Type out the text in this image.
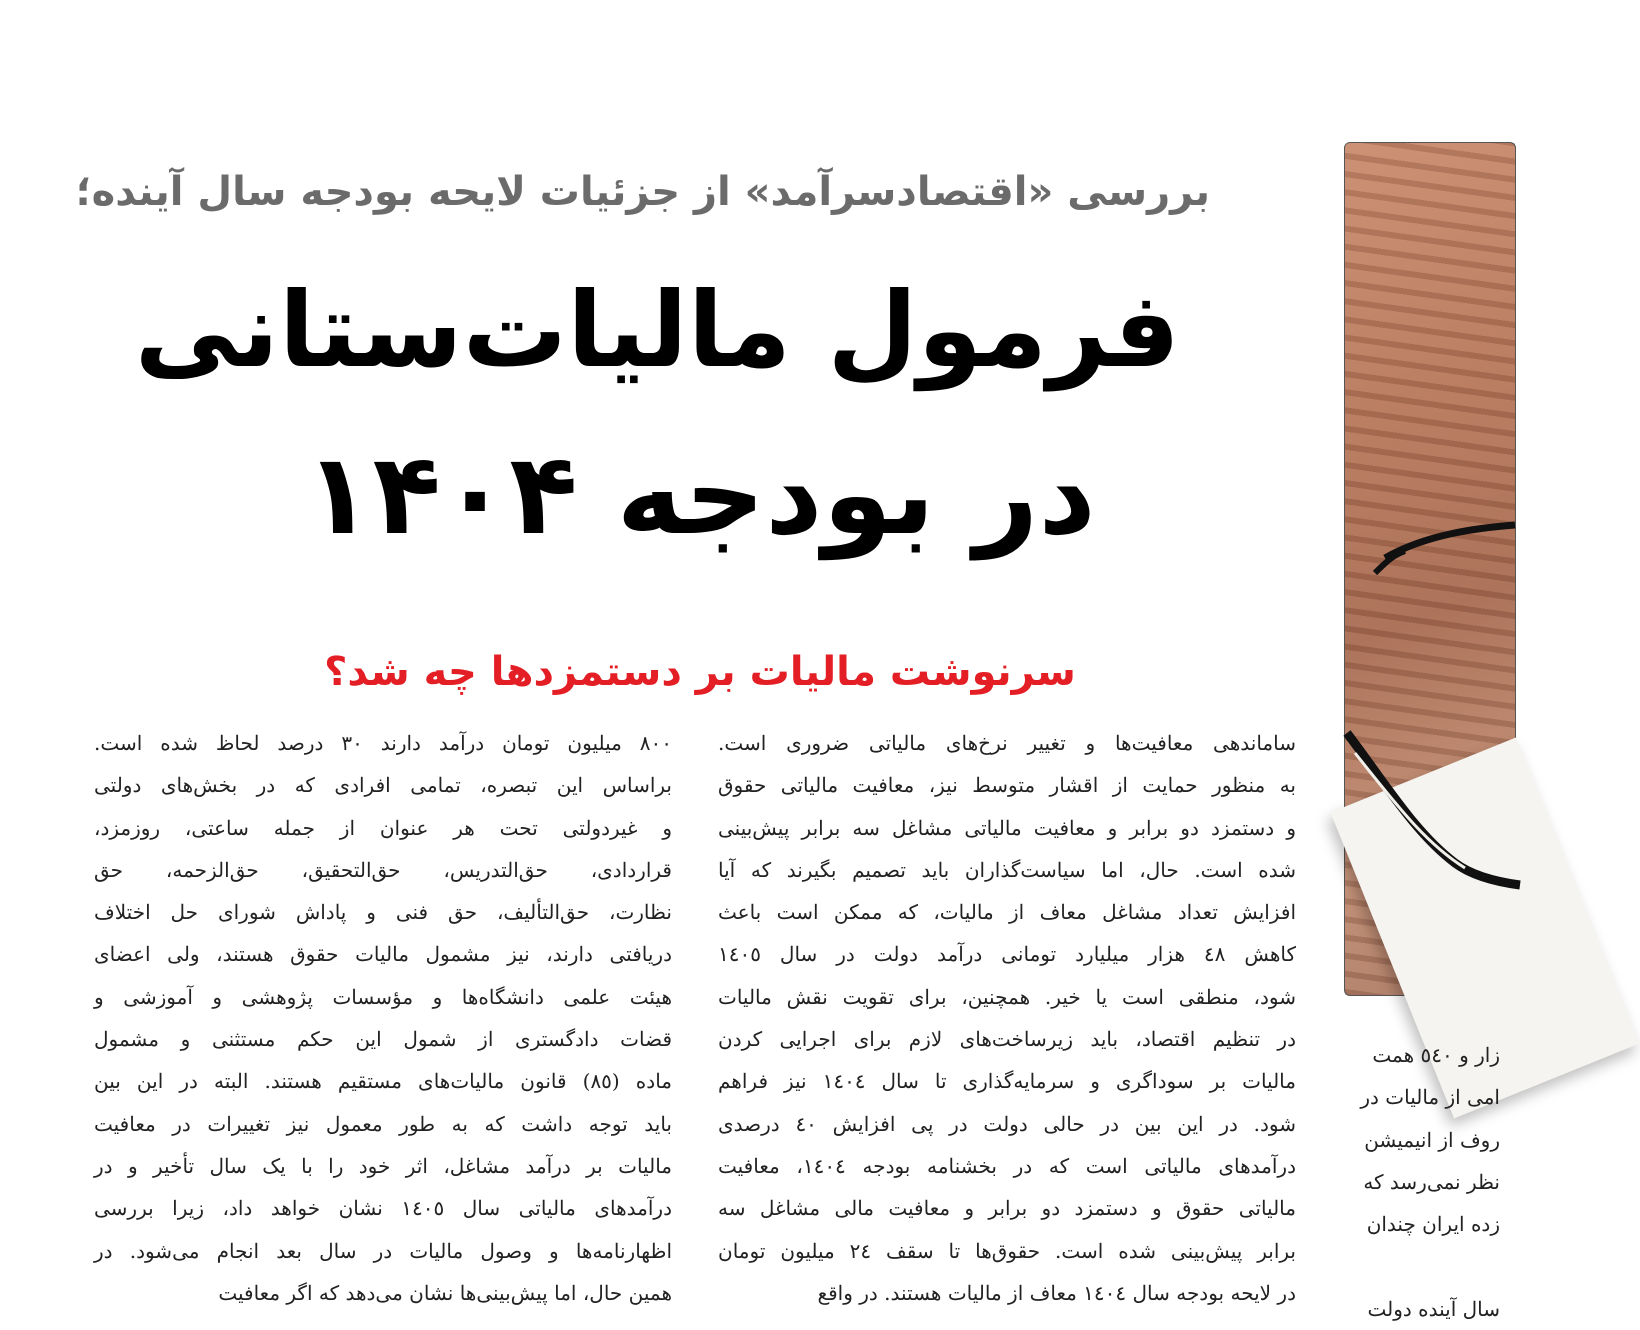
بررسی «اقتصادسرآمد» از جزئیات لایحه بودجه سال آینده؛
فرمول مالیات‌ستانی
در بودجه ۱۴۰۴
سرنوشت مالیات بر دستمزدها چه شد؟
ساماندهی معافیت‌ها و تغییر نرخ‌های مالیاتی ضروری است.
به منظور حمایت از اقشار متوسط نیز، معافیت مالیاتی حقوق
و دستمزد دو برابر و معافیت مالیاتی مشاغل سه برابر پیش‌بینی
شده است. حال، اما سیاست‌گذاران باید تصمیم بگیرند که آیا
افزایش تعداد مشاغل معاف از مالیات، که ممکن است باعث
کاهش ٤٨ هزار میلیارد تومانی درآمد دولت در سال ١٤٠٥
شود، منطقی است یا خیر. همچنین، برای تقویت نقش مالیات
در تنظیم اقتصاد، باید زیرساخت‌های لازم برای اجرایی کردن
مالیات بر سوداگری و سرمایه‌گذاری تا سال ١٤٠٤ نیز فراهم
شود. در این بین در حالی دولت در پی افزایش ٤٠ درصدی
درآمدهای مالیاتی است که در بخشنامه بودجه ١٤٠٤، معافیت
مالیاتی حقوق و دستمزد دو برابر و معافیت مالی مشاغل سه
برابر پیش‌بینی شده است. حقوق‌ها تا سقف ٢٤ میلیون تومان
در لایحه بودجه سال ١٤٠٤ معاف از مالیات هستند. در واقع
٨٠٠ میلیون تومان درآمد دارند ٣٠ درصد لحاظ شده است.
براساس این تبصره، تمامی افرادی که در بخش‌های دولتی
و غیردولتی تحت هر عنوان از جمله ساعتی، روزمزد،
قراردادی، حق‌التدریس، حق‌التحقیق، حق‌الزحمه، حق
نظارت، حق‌التألیف، حق فنی و پاداش شورای حل اختلاف
دریافتی دارند، نیز مشمول مالیات حقوق هستند، ولی اعضای
هیئت علمی دانشگاه‌ها و مؤسسات پژوهشی و آموزشی و
قضات دادگستری از شمول این حکم مستثنی و مشمول
ماده (٨٥) قانون مالیات‌های مستقیم هستند. البته در این بین
باید توجه داشت که به طور معمول نیز تغییرات در معافیت
مالیات بر درآمد مشاغل، اثر خود را با یک سال تأخیر و در
درآمدهای مالیاتی سال ١٤٠٥ نشان خواهد داد، زیرا بررسی
اظهارنامه‌ها و وصول مالیات در سال بعد انجام می‌شود. در
همین حال، اما پیش‌بینی‌ها نشان می‌دهد که اگر معافیت
زار و ٥٤٠ همت
امی از مالیات در
روف از انیمیشن
نظر نمی‌رسد که
زده ایران چندان

سال آینده دولت
